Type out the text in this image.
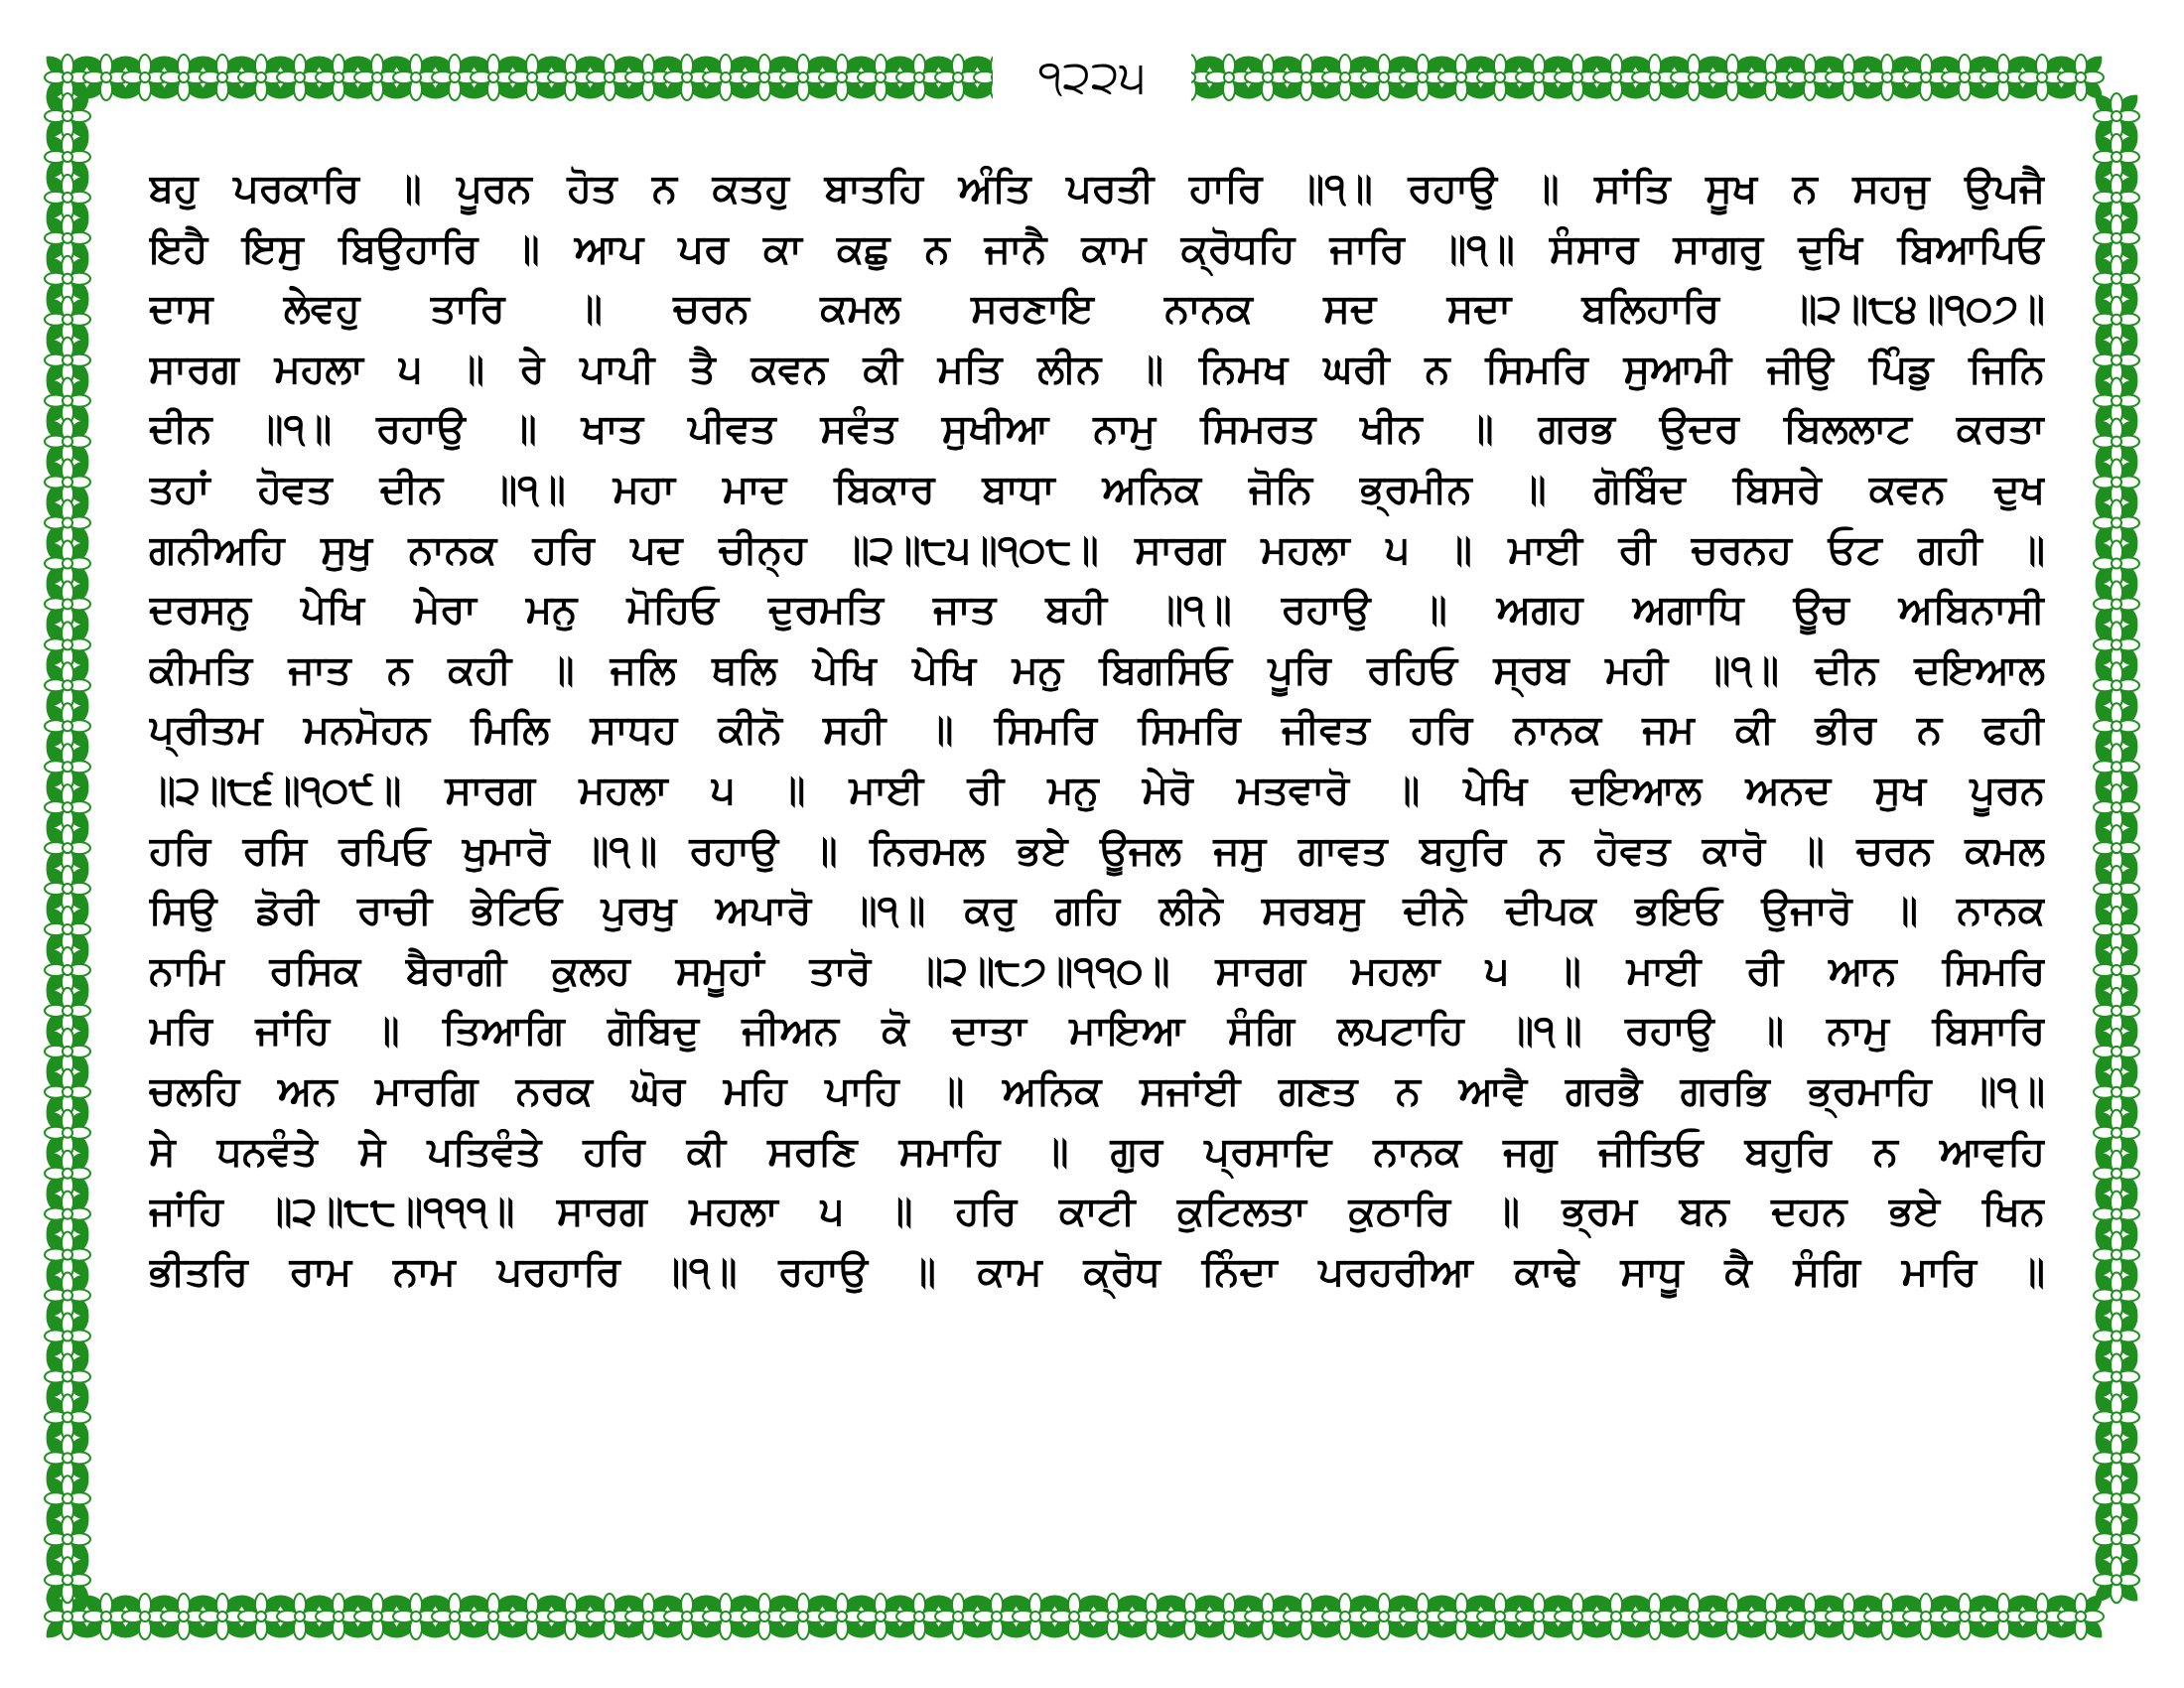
੧੨੨੫
ਬਹੁ ਪਰਕਾਰਿ ॥ ਪੂਰਨ ਹੋਤ ਨ ਕਤਹੁ ਬਾਤਹਿ ਅੰਤਿ ਪਰਤੀ ਹਾਰਿ ॥੧॥ ਰਹਾਉ ॥ ਸਾਂਤਿ ਸੂਖ ਨ ਸਹਜੁ ਉਪਜੈ
ਇਹੈ ਇਸੁ ਬਿਉਹਾਰਿ ॥ ਆਪ ਪਰ ਕਾ ਕਛੁ ਨ ਜਾਨੈ ਕਾਮ ਕ੍ਰੋਧਹਿ ਜਾਰਿ ॥੧॥ ਸੰਸਾਰ ਸਾਗਰੁ ਦੁਖਿ ਬਿਆਪਿਓ
ਦਾਸ ਲੇਵਹੁ ਤਾਰਿ ॥ ਚਰਨ ਕਮਲ ਸਰਣਾਇ ਨਾਨਕ ਸਦ ਸਦਾ ਬਲਿਹਾਰਿ ॥੨॥੮੪॥੧੦੭॥
ਸਾਰਗ ਮਹਲਾ ੫ ॥ ਰੇ ਪਾਪੀ ਤੈ ਕਵਨ ਕੀ ਮਤਿ ਲੀਨ ॥ ਨਿਮਖ ਘਰੀ ਨ ਸਿਮਰਿ ਸੁਆਮੀ ਜੀਉ ਪਿੰਡੁ ਜਿਨਿ
ਦੀਨ ॥੧॥ ਰਹਾਉ ॥ ਖਾਤ ਪੀਵਤ ਸਵੰਤ ਸੁਖੀਆ ਨਾਮੁ ਸਿਮਰਤ ਖੀਨ ॥ ਗਰਭ ਉਦਰ ਬਿਲਲਾਟ ਕਰਤਾ
ਤਹਾਂ ਹੋਵਤ ਦੀਨ ॥੧॥ ਮਹਾ ਮਾਦ ਬਿਕਾਰ ਬਾਧਾ ਅਨਿਕ ਜੋਨਿ ਭ੍ਰਮੀਨ ॥ ਗੋਬਿੰਦ ਬਿਸਰੇ ਕਵਨ ਦੁਖ
ਗਨੀਅਹਿ ਸੁਖੁ ਨਾਨਕ ਹਰਿ ਪਦ ਚੀਨ੍ਹ ॥੨॥੮੫॥੧੦੮॥ ਸਾਰਗ ਮਹਲਾ ੫ ॥ ਮਾਈ ਰੀ ਚਰਨਹ ਓਟ ਗਹੀ ॥
ਦਰਸਨੁ ਪੇਖਿ ਮੇਰਾ ਮਨੁ ਮੋਹਿਓ ਦੁਰਮਤਿ ਜਾਤ ਬਹੀ ॥੧॥ ਰਹਾਉ ॥ ਅਗਹ ਅਗਾਧਿ ਊਚ ਅਬਿਨਾਸੀ
ਕੀਮਤਿ ਜਾਤ ਨ ਕਹੀ ॥ ਜਲਿ ਥਲਿ ਪੇਖਿ ਪੇਖਿ ਮਨੁ ਬਿਗਸਿਓ ਪੂਰਿ ਰਹਿਓ ਸ੍ਰਬ ਮਹੀ ॥੧॥ ਦੀਨ ਦਇਆਲ
ਪ੍ਰੀਤਮ ਮਨਮੋਹਨ ਮਿਲਿ ਸਾਧਹ ਕੀਨੋ ਸਹੀ ॥ ਸਿਮਰਿ ਸਿਮਰਿ ਜੀਵਤ ਹਰਿ ਨਾਨਕ ਜਮ ਕੀ ਭੀਰ ਨ ਫਹੀ
॥੨॥੮੬॥੧੦੯॥ ਸਾਰਗ ਮਹਲਾ ੫ ॥ ਮਾਈ ਰੀ ਮਨੁ ਮੇਰੋ ਮਤਵਾਰੋ ॥ ਪੇਖਿ ਦਇਆਲ ਅਨਦ ਸੁਖ ਪੂਰਨ
ਹਰਿ ਰਸਿ ਰਪਿਓ ਖੁਮਾਰੋ ॥੧॥ ਰਹਾਉ ॥ ਨਿਰਮਲ ਭਏ ਊਜਲ ਜਸੁ ਗਾਵਤ ਬਹੁਰਿ ਨ ਹੋਵਤ ਕਾਰੋ ॥ ਚਰਨ ਕਮਲ
ਸਿਉ ਡੋਰੀ ਰਾਚੀ ਭੇਟਿਓ ਪੁਰਖੁ ਅਪਾਰੋ ॥੧॥ ਕਰੁ ਗਹਿ ਲੀਨੇ ਸਰਬਸੁ ਦੀਨੇ ਦੀਪਕ ਭਇਓ ਉਜਾਰੋ ॥ ਨਾਨਕ
ਨਾਮਿ ਰਸਿਕ ਬੈਰਾਗੀ ਕੁਲਹ ਸਮੂਹਾਂ ਤਾਰੋ ॥੨॥੮੭॥੧੧੦॥ ਸਾਰਗ ਮਹਲਾ ੫ ॥ ਮਾਈ ਰੀ ਆਨ ਸਿਮਰਿ
ਮਰਿ ਜਾਂਹਿ ॥ ਤਿਆਗਿ ਗੋਬਿਦੁ ਜੀਅਨ ਕੋ ਦਾਤਾ ਮਾਇਆ ਸੰਗਿ ਲਪਟਾਹਿ ॥੧॥ ਰਹਾਉ ॥ ਨਾਮੁ ਬਿਸਾਰਿ
ਚਲਹਿ ਅਨ ਮਾਰਗਿ ਨਰਕ ਘੋਰ ਮਹਿ ਪਾਹਿ ॥ ਅਨਿਕ ਸਜਾਂਈ ਗਣਤ ਨ ਆਵੈ ਗਰਭੈ ਗਰਭਿ ਭ੍ਰਮਾਹਿ ॥੧॥
ਸੇ ਧਨਵੰਤੇ ਸੇ ਪਤਿਵੰਤੇ ਹਰਿ ਕੀ ਸਰਣਿ ਸਮਾਹਿ ॥ ਗੁਰ ਪ੍ਰਸਾਦਿ ਨਾਨਕ ਜਗੁ ਜੀਤਿਓ ਬਹੁਰਿ ਨ ਆਵਹਿ
ਜਾਂਹਿ ॥੨॥੮੮॥੧੧੧॥ ਸਾਰਗ ਮਹਲਾ ੫ ॥ ਹਰਿ ਕਾਟੀ ਕੁਟਿਲਤਾ ਕੁਠਾਰਿ ॥ ਭ੍ਰਮ ਬਨ ਦਹਨ ਭਏ ਖਿਨ
ਭੀਤਰਿ ਰਾਮ ਨਾਮ ਪਰਹਾਰਿ ॥੧॥ ਰਹਾਉ ॥ ਕਾਮ ਕ੍ਰੋਧ ਨਿੰਦਾ ਪਰਹਰੀਆ ਕਾਢੇ ਸਾਧੂ ਕੈ ਸੰਗਿ ਮਾਰਿ ॥
